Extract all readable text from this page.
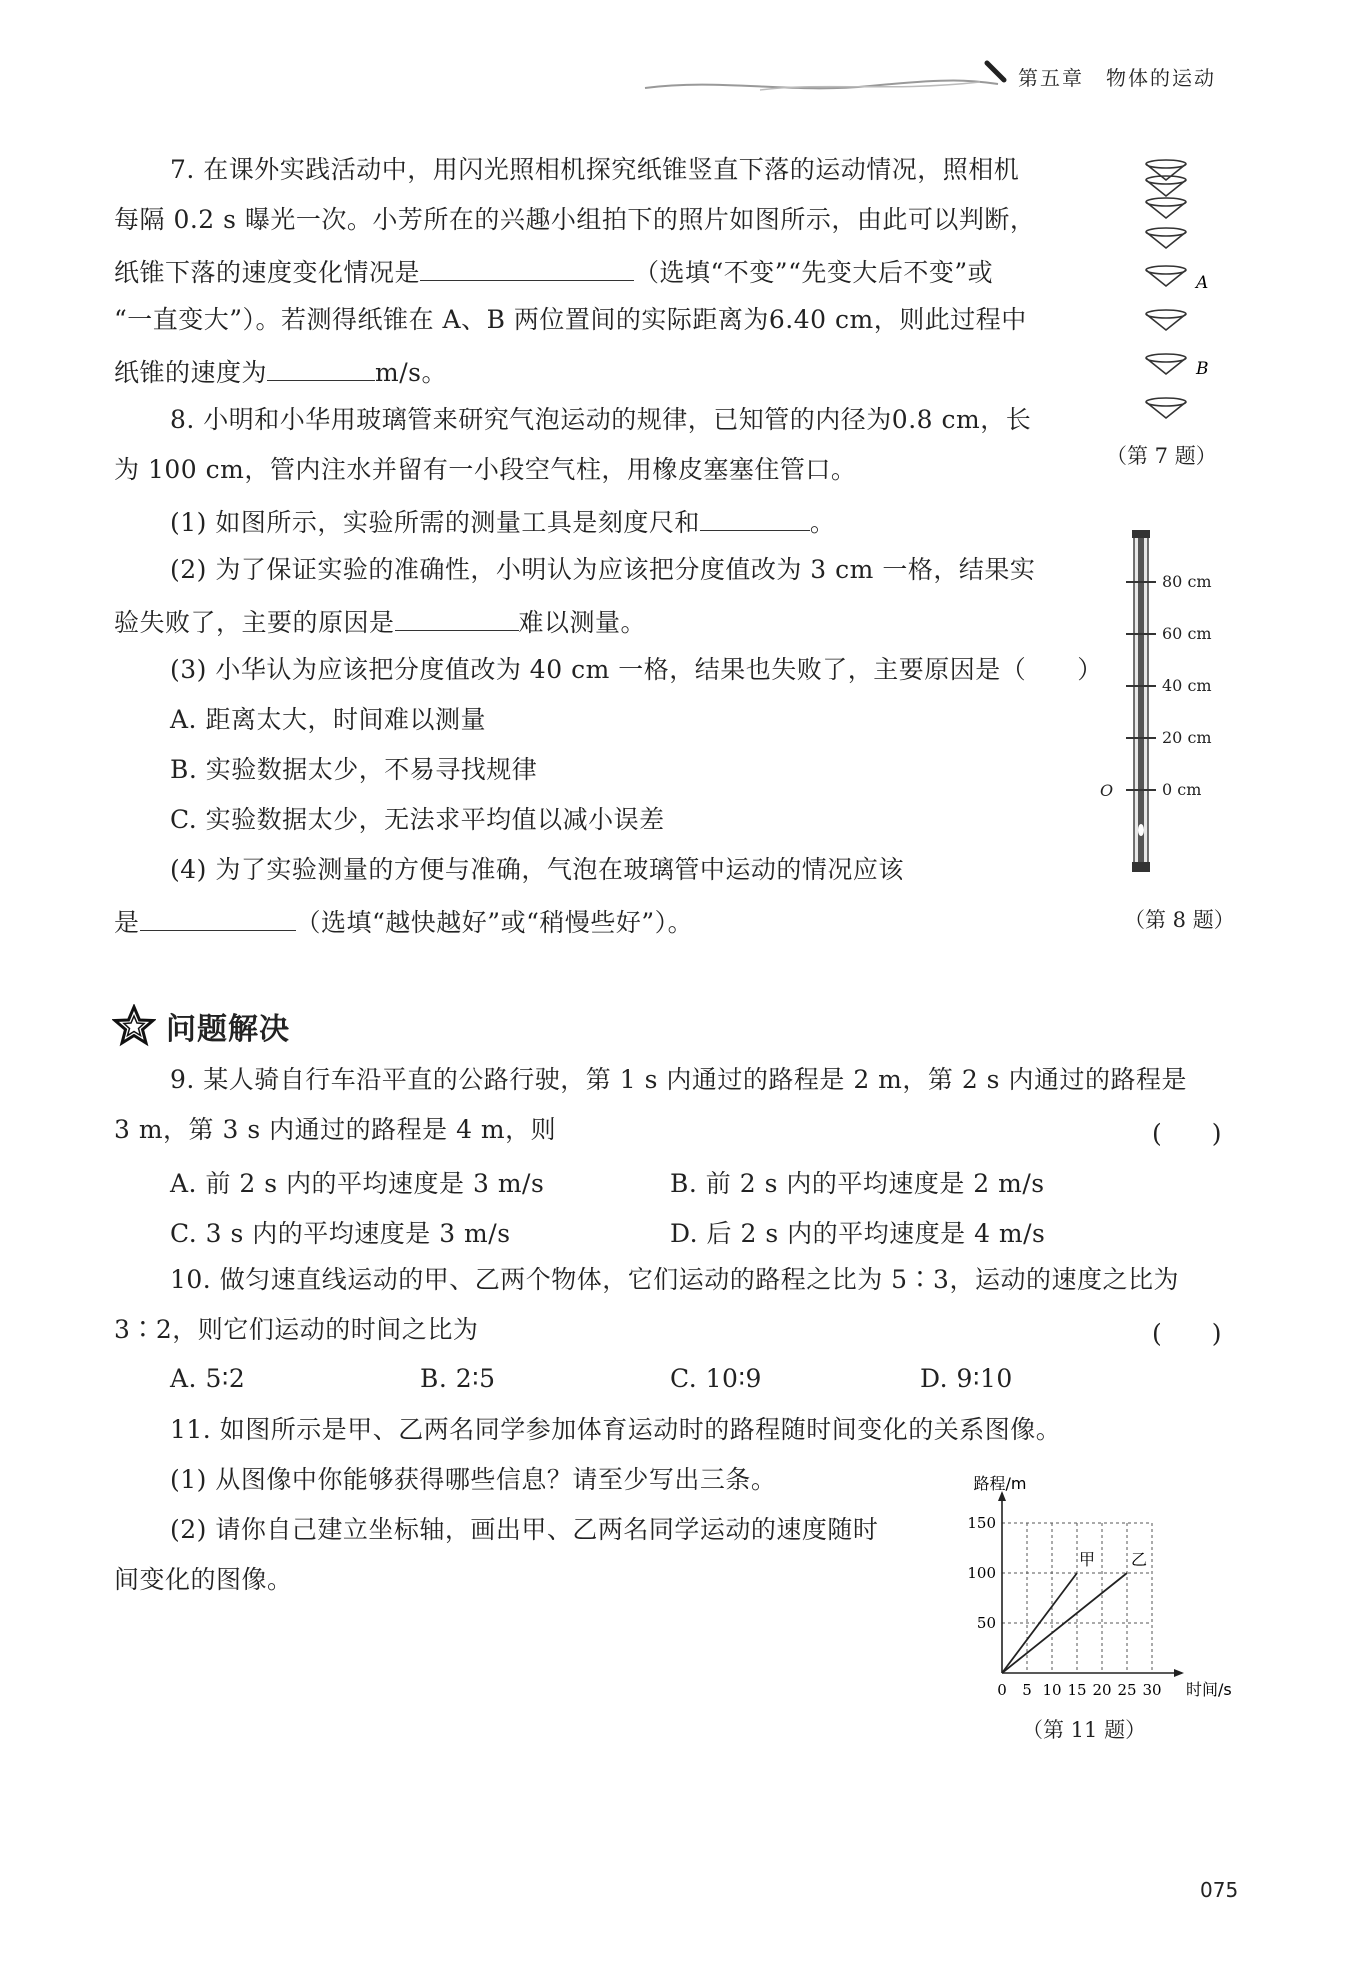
第五章　物体的运动
7. 在课外实践活动中，用闪光照相机探究纸锥竖直下落的运动情况，照相机
每隔 0.2 s 曝光一次。小芳所在的兴趣小组拍下的照片如图所示，由此可以判断，
纸锥下落的速度变化情况是	（选填“不变”“先变大后不变”或
“一直变大”）。若测得纸锥在 A、B 两位置间的实际距离为6.40 cm，则此过程中
纸锥的速度为	m/s。
A
B
（第 7 题）
8. 小明和小华用玻璃管来研究气泡运动的规律，已知管的内径为0.8 cm，长
为 100 cm，管内注水并留有一小段空气柱，用橡皮塞塞住管口。
(1) 如图所示，实验所需的测量工具是刻度尺和	。
(2) 为了保证实验的准确性，小明认为应该把分度值改为 3 cm 一格，结果实
验失败了，主要的原因是	难以测量。
(3) 小华认为应该把分度值改为 40 cm 一格，结果也失败了，主要原因是（　　）
A. 距离太大，时间难以测量
B. 实验数据太少，不易寻找规律
C. 实验数据太少，无法求平均值以减小误差
(4) 为了实验测量的方便与准确，气泡在玻璃管中运动的情况应该
是	（选填“越快越好”或“稍慢些好”）。
80 cm
60 cm
40 cm
20 cm
0 cm
O
（第 8 题）
问题解决
9. 某人骑自行车沿平直的公路行驶，第 1 s 内通过的路程是 2 m，第 2 s 内通过的路程是
3 m，第 3 s 内通过的路程是 4 m，则	(　　)
A. 前 2 s 内的平均速度是 3 m/s	B. 前 2 s 内的平均速度是 2 m/s
C. 3 s 内的平均速度是 3 m/s	D. 后 2 s 内的平均速度是 4 m/s
10. 做匀速直线运动的甲、乙两个物体，它们运动的路程之比为 5∶3，运动的速度之比为
3∶2，则它们运动的时间之比为	(　　)
A. 5∶2	B. 2∶5	C. 10∶9	D. 9∶10
11. 如图所示是甲、乙两名同学参加体育运动时的路程随时间变化的关系图像。
(1) 从图像中你能够获得哪些信息？请至少写出三条。
(2) 请你自己建立坐标轴，画出甲、乙两名同学运动的速度随时
间变化的图像。
0 5 10 15 20 25 30
50
100
150
时间/s
路程/m
甲 乙
（第 11 题）
075
